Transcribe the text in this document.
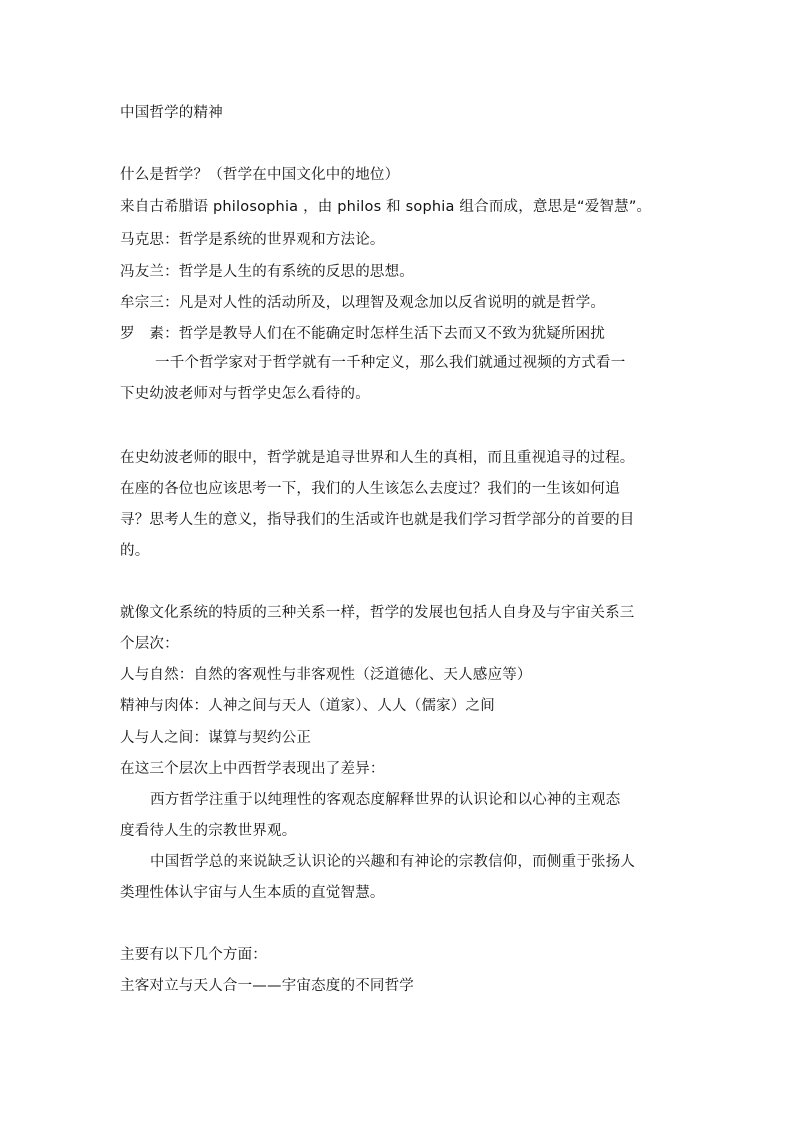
中国哲学的精神
什么是哲学？（哲学在中国文化中的地位）
来自古希腊语 philosophia ，由 philos 和 sophia 组合而成，意思是“爱智慧”。
马克思：哲学是系统的世界观和方法论。
冯友兰：哲学是人生的有系统的反思的思想。
牟宗三：凡是对人性的活动所及，以理智及观念加以反省说明的就是哲学。
罗　素：哲学是教导人们在不能确定时怎样生活下去而又不致为犹疑所困扰
一千个哲学家对于哲学就有一千种定义，那么我们就通过视频的方式看一
下史幼波老师对与哲学史怎么看待的。
在史幼波老师的眼中，哲学就是追寻世界和人生的真相，而且重视追寻的过程。
在座的各位也应该思考一下，我们的人生该怎么去度过？我们的一生该如何追
寻？思考人生的意义，指导我们的生活或许也就是我们学习哲学部分的首要的目
的。
就像文化系统的特质的三种关系一样，哲学的发展也包括人自身及与宇宙关系三
个层次：
人与自然：自然的客观性与非客观性（泛道德化、天人感应等）
精神与肉体：人神之间与天人（道家）、人人（儒家）之间
人与人之间：谋算与契约公正
在这三个层次上中西哲学表现出了差异：
西方哲学注重于以纯理性的客观态度解释世界的认识论和以心神的主观态
度看待人生的宗教世界观。
中国哲学总的来说缺乏认识论的兴趣和有神论的宗教信仰，而侧重于张扬人
类理性体认宇宙与人生本质的直觉智慧。
主要有以下几个方面：
主客对立与天人合一——宇宙态度的不同哲学
